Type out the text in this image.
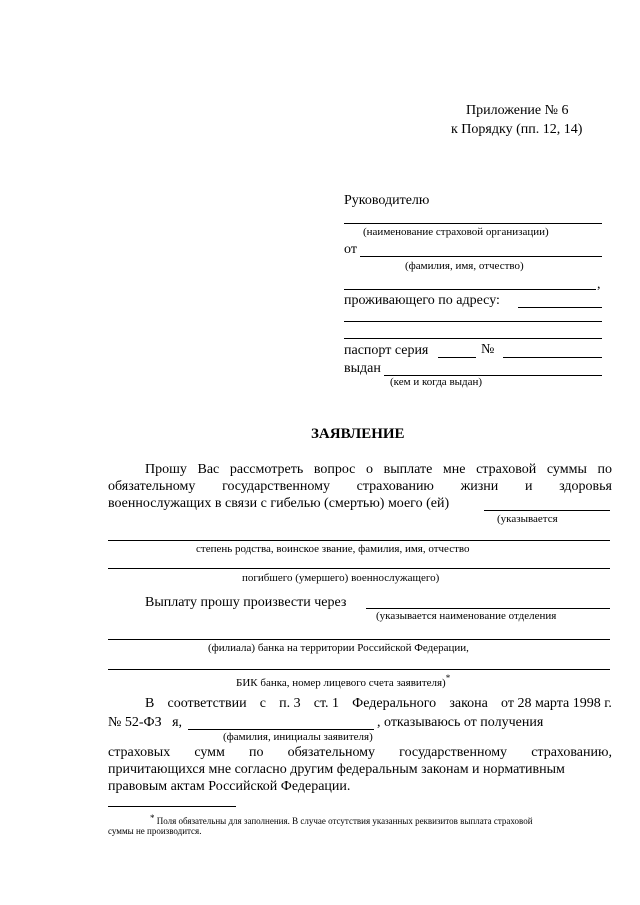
Приложение № 6
к Порядку (пп. 12, 14)
Руководителю
(наименование страховой организации)
от
(фамилия, имя, отчество)
,
проживающего по адресу:
паспорт серия	№
выдан
(кем и когда выдан)
ЗАЯВЛЕНИЕ
Прошу Вас рассмотреть вопрос о выплате мне страховой суммы по
обязательному государственному страхованию жизни и здоровья
военнослужащих в связи с гибелью (смертью) моего (ей)
(указывается
степень родства, воинское звание, фамилия, имя, отчество
погибшего (умершего) военнослужащего)
Выплату прошу произвести через
(указывается наименование отделения
(филиала) банка на территории Российской Федерации,
БИК банка, номер лицевого счета заявителя)*
В соответствии с п. 3 ст. 1 Федерального закона от 28 марта 1998 г.
№ 52-ФЗ   я,	, отказываюсь от получения
(фамилия, инициалы заявителя)
страховых сумм по обязательному государственному страхованию,
причитающихся мне согласно другим федеральным законам и нормативным
правовым актам Российской Федерации.
* Поля обязательны для заполнения. В случае отсутствия указанных реквизитов выплата страховой
суммы не производится.
